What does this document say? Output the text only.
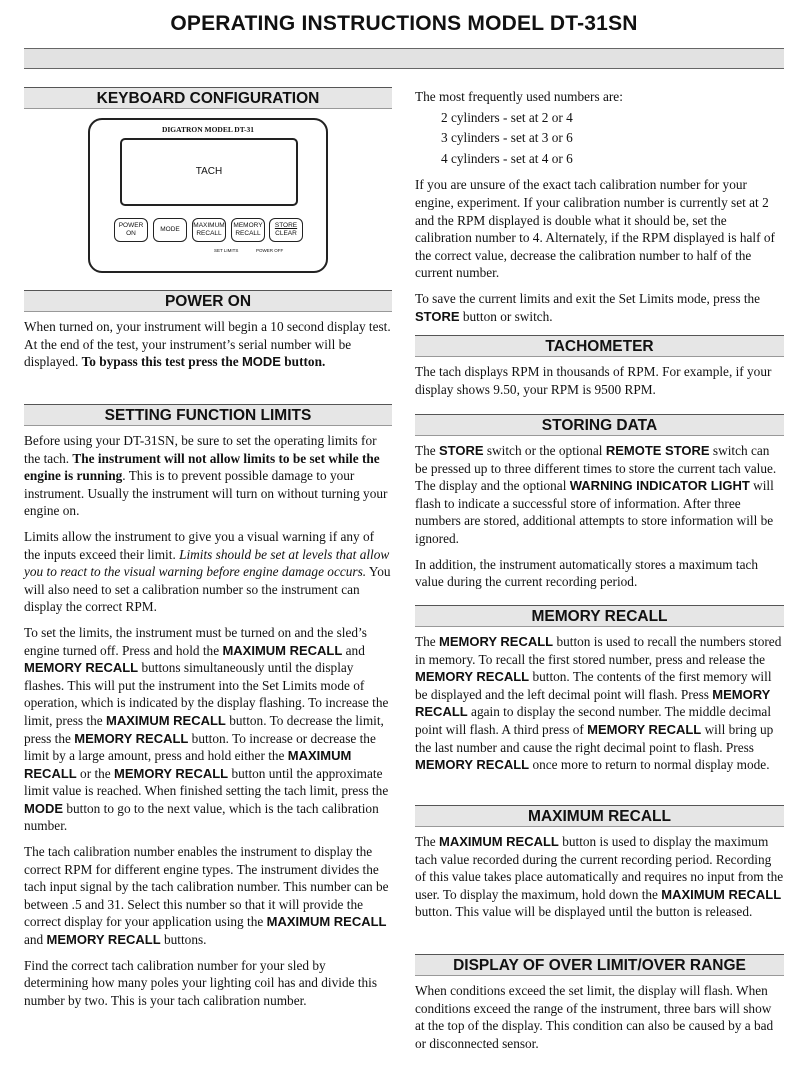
OPERATING INSTRUCTIONS MODEL DT-31SN
KEYBOARD CONFIGURATION
DIGATRON MODEL DT-31
TACH
POWER
ON
MODE
MAXIMUM
RECALL
MEMORY
RECALL
STORE
CLEAR
SET LIMITS	POWER OFF
POWER ON

When turned on, your instrument will begin a 10 second display test. At the end of the test, your instrument’s serial number will be displayed. To bypass this test press the MODE button.

SETTING FUNCTION LIMITS

Before using your DT-31SN, be sure to set the operating limits for the tach. The instrument will not allow limits to be set while the engine is running. This is to prevent possible damage to your instrument. Usually the instrument will turn on without turning your engine on.

Limits allow the instrument to give you a visual warning if any of the inputs exceed their limit. Limits should be set at levels that allow you to react to the visual warning before engine damage occurs. You will also need to set a calibration number so the instrument can display the correct RPM.

To set the limits, the instrument must be turned on and the sled’s engine turned off. Press and hold the MAXIMUM RECALL and MEMORY RECALL buttons simultaneously until the display flashes. This will put the instrument into the Set Limits mode of operation, which is indicated by the display flashing. To increase the limit, press the MAXIMUM RECALL button. To decrease the limit, press the MEMORY RECALL button. To increase or decrease the limit by a large amount, press and hold either the MAXIMUM RECALL or the MEMORY RECALL button until the approximate limit value is reached. When finished setting the tach limit, press the MODE button to go to the next value, which is the tach calibration number.

The tach calibration number enables the instrument to display the correct RPM for different engine types. The instrument divides the tach input signal by the tach calibration number. This number can be between .5 and 31. Select this number so that it will provide the correct display for your application using the MAXIMUM RECALL and MEMORY RECALL buttons.

Find the correct tach calibration number for your sled by determining how many poles your lighting coil has and divide this number by two. This is your tach calibration number.

The most frequently used numbers are:

2 cylinders - set at 2 or 4
3 cylinders - set at 3 or 6
4 cylinders - set at 4 or 6

If you are unsure of the exact tach calibration number for your engine, experiment. If your calibration number is currently set at 2 and the RPM displayed is double what it should be, set the calibration number to 4. Alternately, if the RPM displayed is half of the correct value, decrease the calibration number to half of the current number.

To save the current limits and exit the Set Limits mode, press the STORE button or switch.

TACHOMETER

The tach displays RPM in thousands of RPM. For example, if your display shows 9.50, your RPM is 9500 RPM.

STORING DATA

The STORE switch or the optional REMOTE STORE switch can be pressed up to three different times to store the current tach value. The display and the optional WARNING INDICATOR LIGHT will flash to indicate a successful store of information. After three numbers are stored, additional attempts to store information will be ignored.

In addition, the instrument automatically stores a maximum tach value during the current recording period.

MEMORY RECALL

The MEMORY RECALL button is used to recall the numbers stored in memory. To recall the first stored number, press and release the MEMORY RECALL button. The contents of the first memory will be displayed and the left decimal point will flash. Press MEMORY RECALL again to display the second number. The middle decimal point will flash. A third press of MEMORY RECALL will bring up the last number and cause the right decimal point to flash. Press MEMORY RECALL once more to return to normal display mode.

MAXIMUM RECALL

The MAXIMUM RECALL button is used to display the maximum tach value recorded during the current recording period. Recording of this value takes place automatically and requires no input from the user. To display the maximum, hold down the MAXIMUM RECALL button. This value will be displayed until the button is released.

DISPLAY OF OVER LIMIT/OVER RANGE

When conditions exceed the set limit, the display will flash. When conditions exceed the range of the instrument, three bars will show at the top of the display. This condition can also be caused by a bad or disconnected sensor.
